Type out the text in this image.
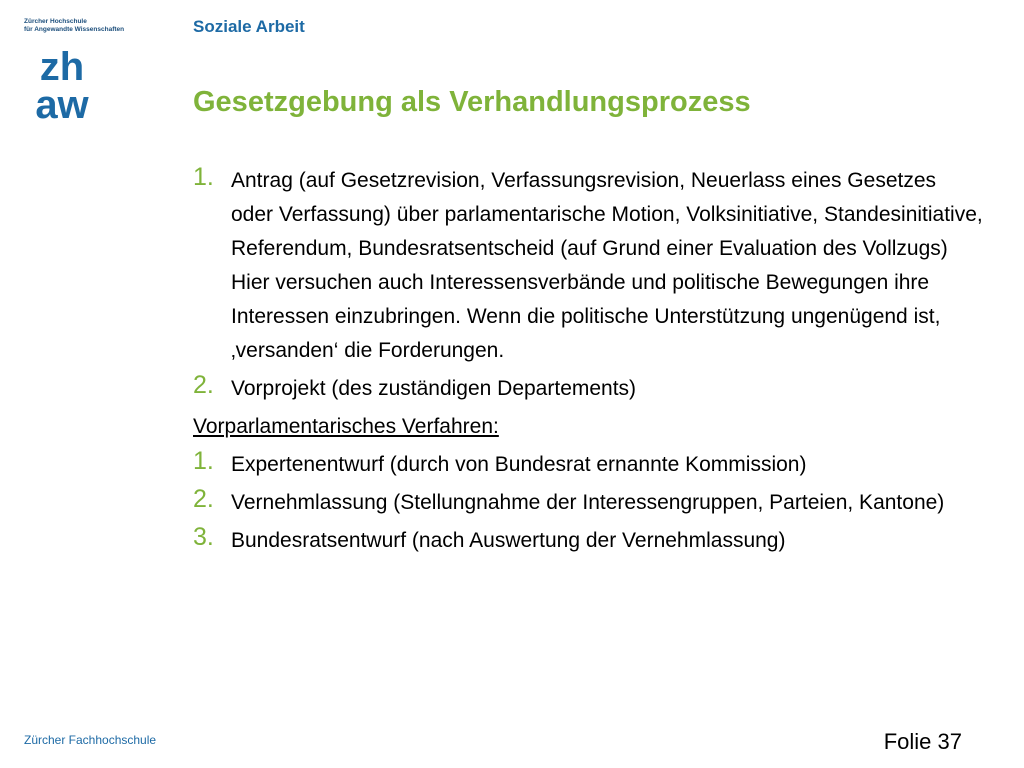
Zürcher Hochschule
für Angewandte Wissenschaften
zh
aw
Soziale Arbeit
Gesetzgebung als Verhandlungsprozess
1. Antrag (auf Gesetzrevision, Verfassungsrevision, Neuerlass eines Gesetzes oder Verfassung) über parlamentarische Motion, Volksinitiative, Standesinitiative, Referendum, Bundesratsentscheid (auf Grund einer Evaluation des Vollzugs) Hier versuchen auch Interessensverbände und politische Bewegungen ihre Interessen einzubringen. Wenn die politische Unterstützung ungenügend ist, ‚versanden‘ die Forderungen.
2. Vorprojekt (des zuständigen Departements)
Vorparlamentarisches Verfahren:
1. Expertenentwurf (durch von Bundesrat ernannte Kommission)
2. Vernehmlassung (Stellungnahme der Interessengruppen, Parteien, Kantone)
3. Bundesratsentwurf (nach Auswertung der Vernehmlassung)
Zürcher Fachhochschule	Folie 37
